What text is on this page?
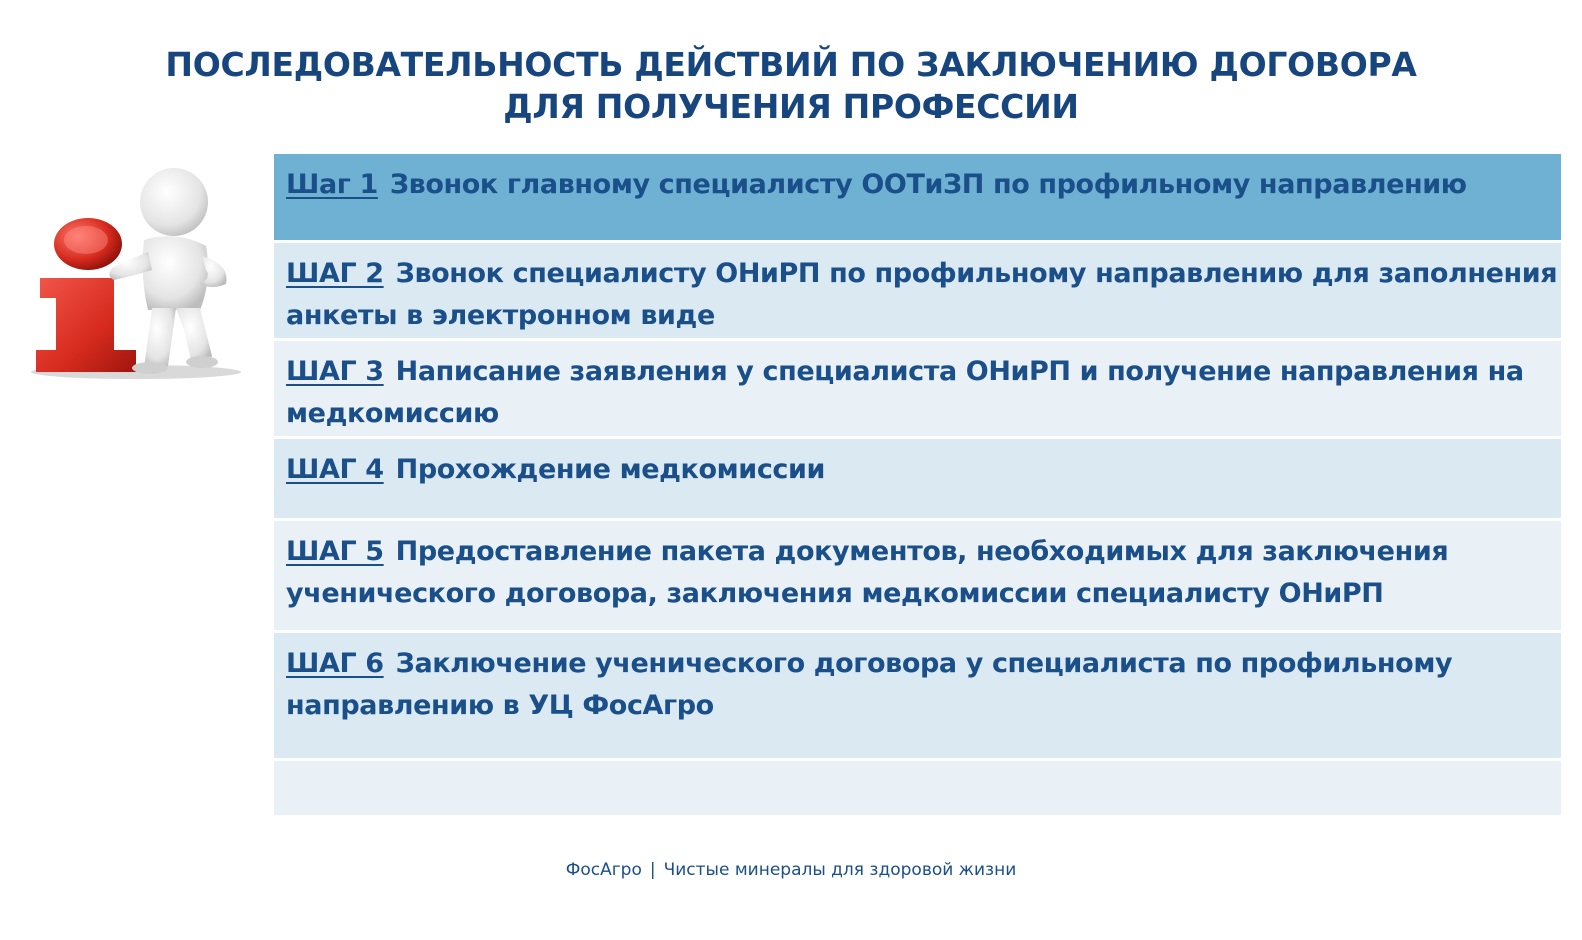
ПОСЛЕДОВАТЕЛЬНОСТЬ ДЕЙСТВИЙ ПО ЗАКЛЮЧЕНИЮ ДОГОВОРА
ДЛЯ ПОЛУЧЕНИЯ ПРОФЕССИИ
Шаг 1 Звонок главному специалисту ООТиЗП по профильному направлению
ШАГ 2 Звонок специалисту ОНиРП по профильному направлению для заполнения
анкеты в электронном виде
ШАГ 3 Написание заявления у специалиста ОНиРП и получение направления на
медкомиссию
ШАГ 4 Прохождение медкомиссии
ШАГ 5 Предоставление пакета документов, необходимых для заключения
ученического договора, заключения медкомиссии специалисту ОНиРП
ШАГ 6 Заключение ученического договора у специалиста по профильному
направлению в УЦ ФосАгро
ФосАгро | Чистые минералы для здоровой жизни
